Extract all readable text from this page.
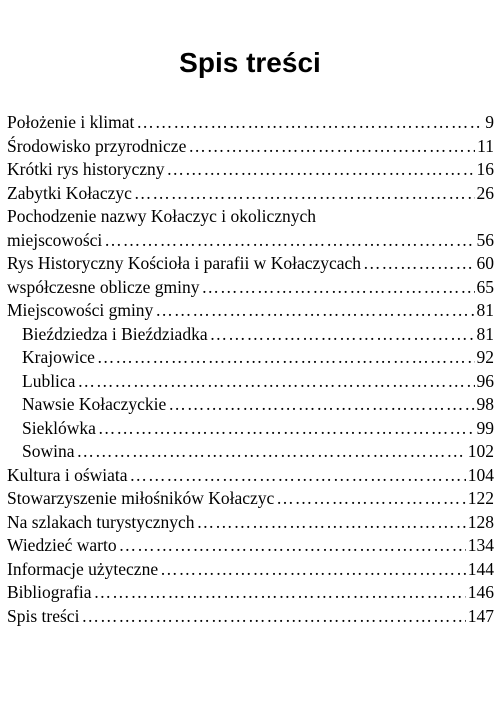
Spis treści
Położenie i klimat ……………………………………………………………………………………………………………………	9
Środowisko przyrodnicze ……………………………………………………………………………………………………………………	11
Krótki rys historyczny ……………………………………………………………………………………………………………………	16
Zabytki Kołaczyc ……………………………………………………………………………………………………………………	26
Pochodzenie nazwy Kołaczyc i okolicznych
miejscowości ……………………………………………………………………………………………………………………	56
Rys Historyczny Kościoła i parafii w Kołaczycach ……………………………………………………………………………………………………………………	60
współczesne oblicze gminy ……………………………………………………………………………………………………………………	65
Miejscowości gminy ……………………………………………………………………………………………………………………	81
Bieździedza i Bieździadka ……………………………………………………………………………………………………………………	81
Krajowice ……………………………………………………………………………………………………………………	92
Lublica ……………………………………………………………………………………………………………………	96
Nawsie Kołaczyckie ……………………………………………………………………………………………………………………	98
Sieklówka ……………………………………………………………………………………………………………………	99
Sowina ……………………………………………………………………………………………………………………	102
Kultura i oświata ……………………………………………………………………………………………………………………	104
Stowarzyszenie miłośników Kołaczyc ……………………………………………………………………………………………………………………	122
Na szlakach turystycznych ……………………………………………………………………………………………………………………	128
Wiedzieć warto ……………………………………………………………………………………………………………………	134
Informacje użyteczne ……………………………………………………………………………………………………………………	144
Bibliografia ……………………………………………………………………………………………………………………	146
Spis treści ……………………………………………………………………………………………………………………	147
